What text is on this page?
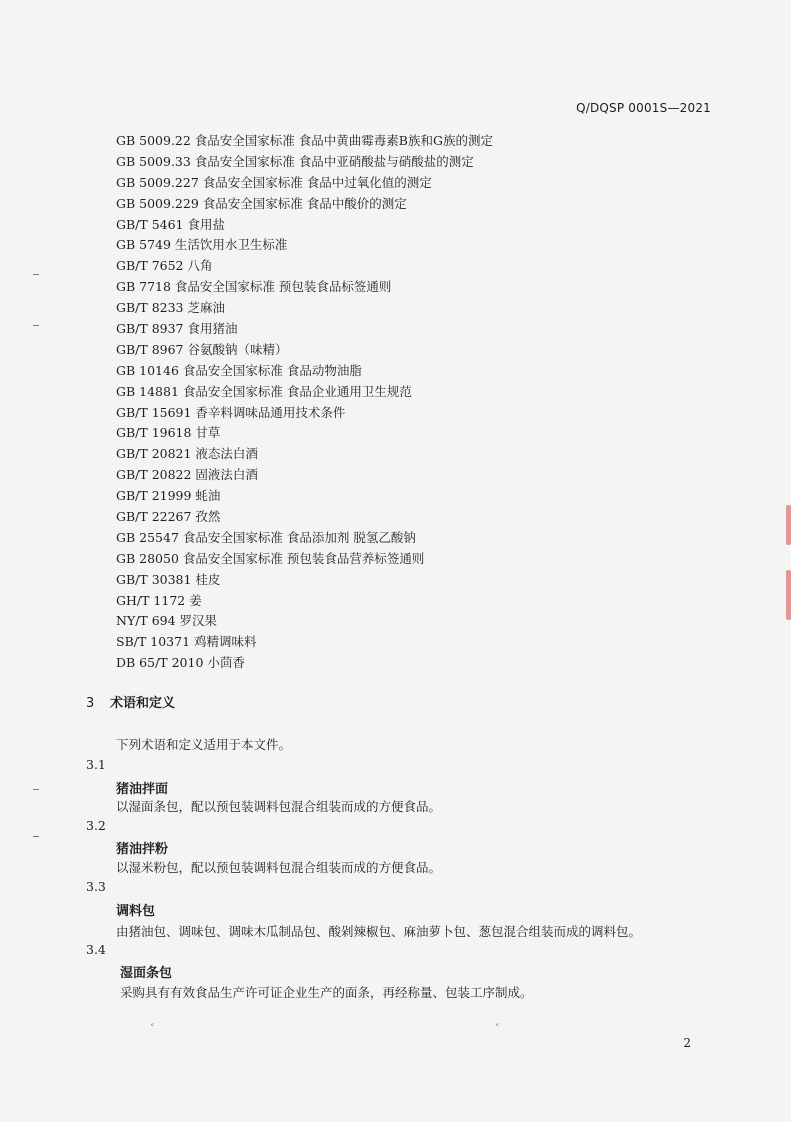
Q/DQSP 0001S—2021
GB 5009.22 食品安全国家标准 食品中黄曲霉毒素B族和G族的测定
GB 5009.33 食品安全国家标准 食品中亚硝酸盐与硝酸盐的测定
GB 5009.227 食品安全国家标准 食品中过氧化值的测定
GB 5009.229 食品安全国家标准 食品中酸价的测定
GB/T 5461 食用盐
GB 5749 生活饮用水卫生标准
GB/T 7652 八角
GB 7718 食品安全国家标准 预包装食品标签通则
GB/T 8233 芝麻油
GB/T 8937 食用猪油
GB/T 8967 谷氨酸钠（味精）
GB 10146 食品安全国家标准 食品动物油脂
GB 14881 食品安全国家标准 食品企业通用卫生规范
GB/T 15691 香辛料调味品通用技术条件
GB/T 19618 甘草
GB/T 20821 液态法白酒
GB/T 20822 固液法白酒
GB/T 21999 蚝油
GB/T 22267 孜然
GB 25547 食品安全国家标准 食品添加剂 脱氢乙酸钠
GB 28050 食品安全国家标准 预包装食品营养标签通则
GB/T 30381 桂皮
GH/T 1172 姜
NY/T 694 罗汉果
SB/T 10371 鸡精调味料
DB 65/T 2010 小茴香
3 术语和定义
下列术语和定义适用于本文件。
3.1
猪油拌面
以湿面条包，配以预包装调料包混合组装而成的方便食品。
3.2
猪油拌粉
以湿米粉包，配以预包装调料包混合组装而成的方便食品。
3.3
调料包
由猪油包、调味包、调味木瓜制品包、酸剁辣椒包、麻油萝卜包、葱包混合组装而成的调料包。
3.4
湿面条包
采购具有有效食品生产许可证企业生产的面条，再经称量、包装工序制成。
2
˂	˂
